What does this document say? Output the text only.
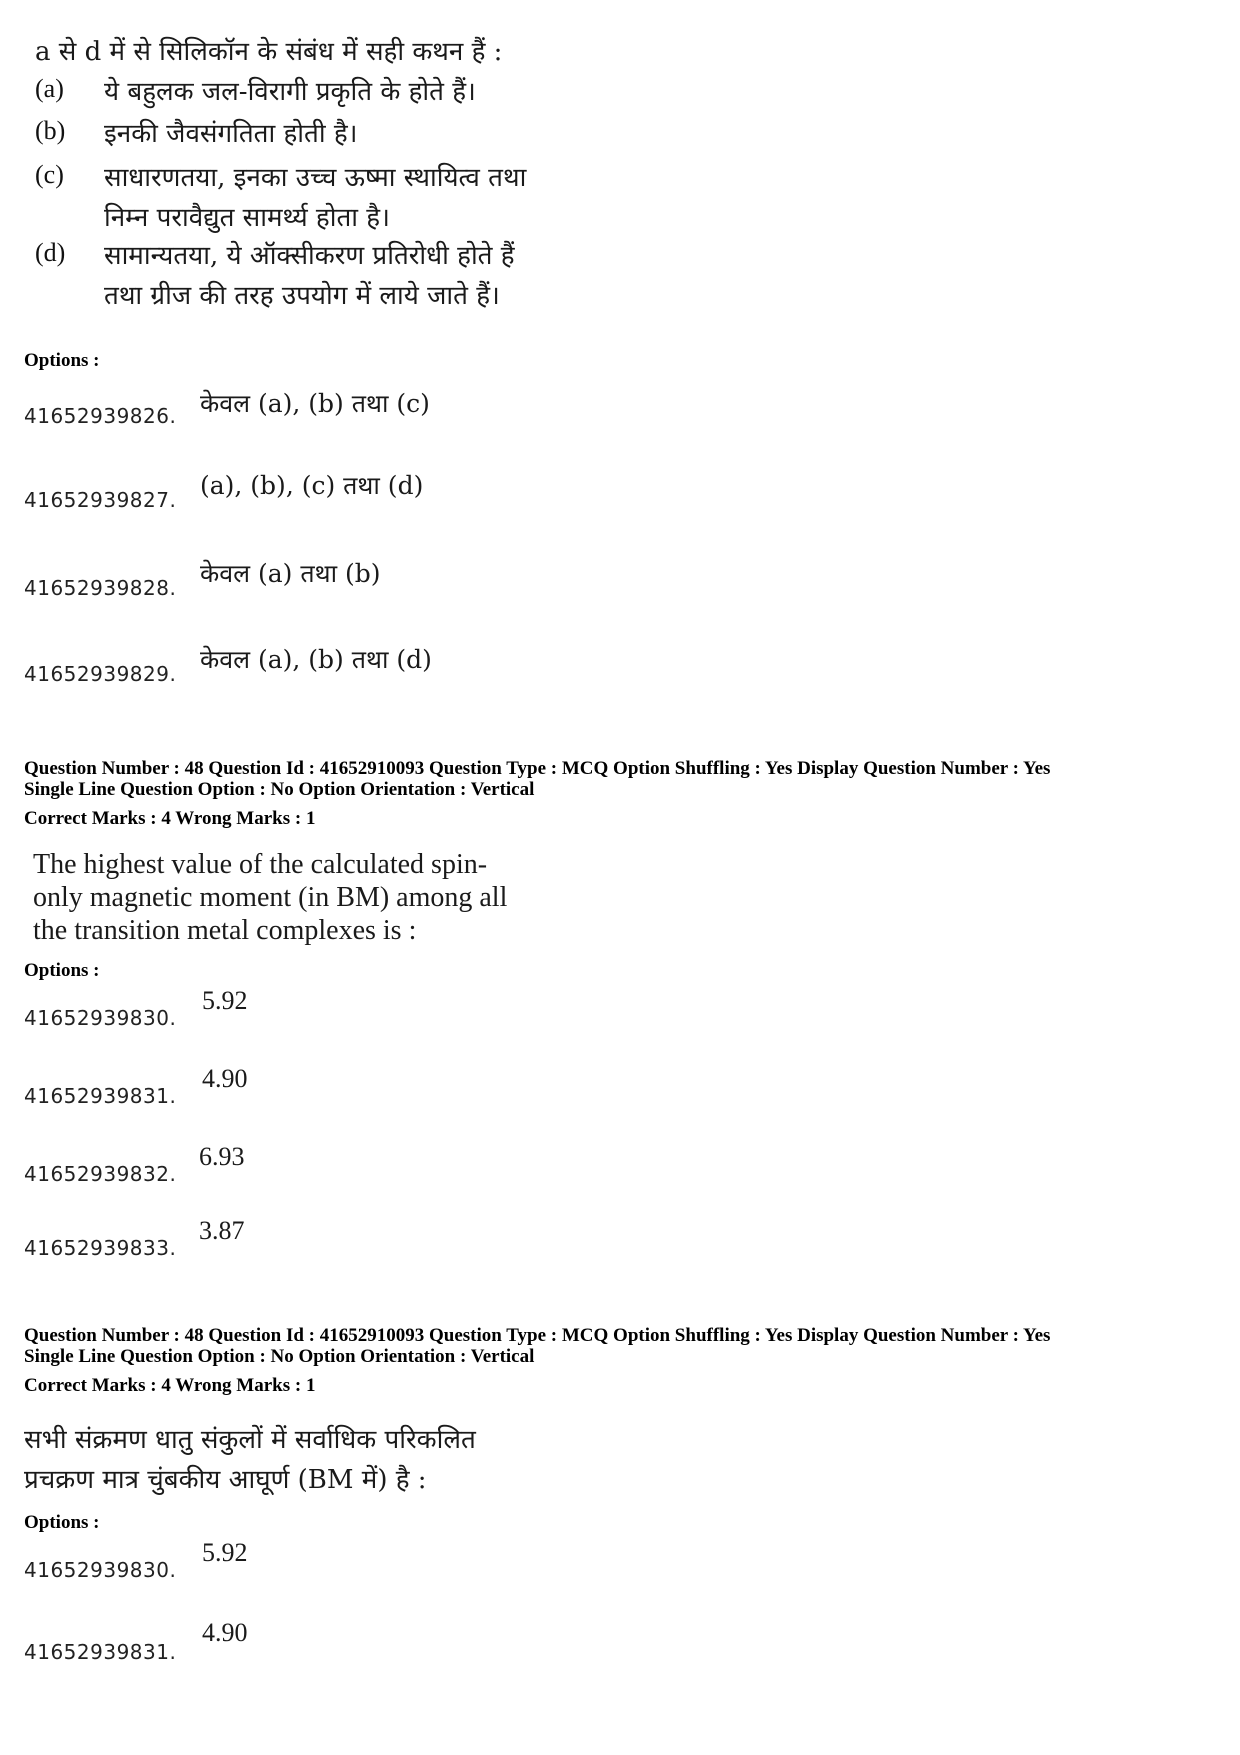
a से d में से सिलिकॉन के संबंध में सही कथन हैं :
(a) ये बहुलक जल-विरागी प्रकृति के होते हैं।
(b) इनकी जैवसंगतिता होती है।
(c) साधारणतया, इनका उच्च ऊष्मा स्थायित्व तथा
निम्न परावैद्युत सामर्थ्य होता है।
(d) सामान्यतया, ये ऑक्सीकरण प्रतिरोधी होते हैं
तथा ग्रीज की तरह उपयोग में लाये जाते हैं।
Options :
41652939826. केवल (a), (b) तथा (c)
41652939827. (a), (b), (c) तथा (d)
41652939828. केवल (a) तथा (b)
41652939829. केवल (a), (b) तथा (d)
Question Number : 48 Question Id : 41652910093 Question Type : MCQ Option Shuffling : Yes Display Question Number : Yes
Single Line Question Option : No Option Orientation : Vertical
Correct Marks : 4 Wrong Marks : 1
The highest value of the calculated spin-
only magnetic moment (in BM) among all
the transition metal complexes is :
Options :
41652939830.
5.92
41652939831.
4.90
41652939832.
6.93
41652939833.
3.87
Question Number : 48 Question Id : 41652910093 Question Type : MCQ Option Shuffling : Yes Display Question Number : Yes
Single Line Question Option : No Option Orientation : Vertical
Correct Marks : 4 Wrong Marks : 1
सभी संक्रमण धातु संकुलों में सर्वाधिक परिकलित
प्रचक्रण मात्र चुंबकीय आघूर्ण (BM में) है :
Options :
41652939830.
5.92
41652939831.
4.90
